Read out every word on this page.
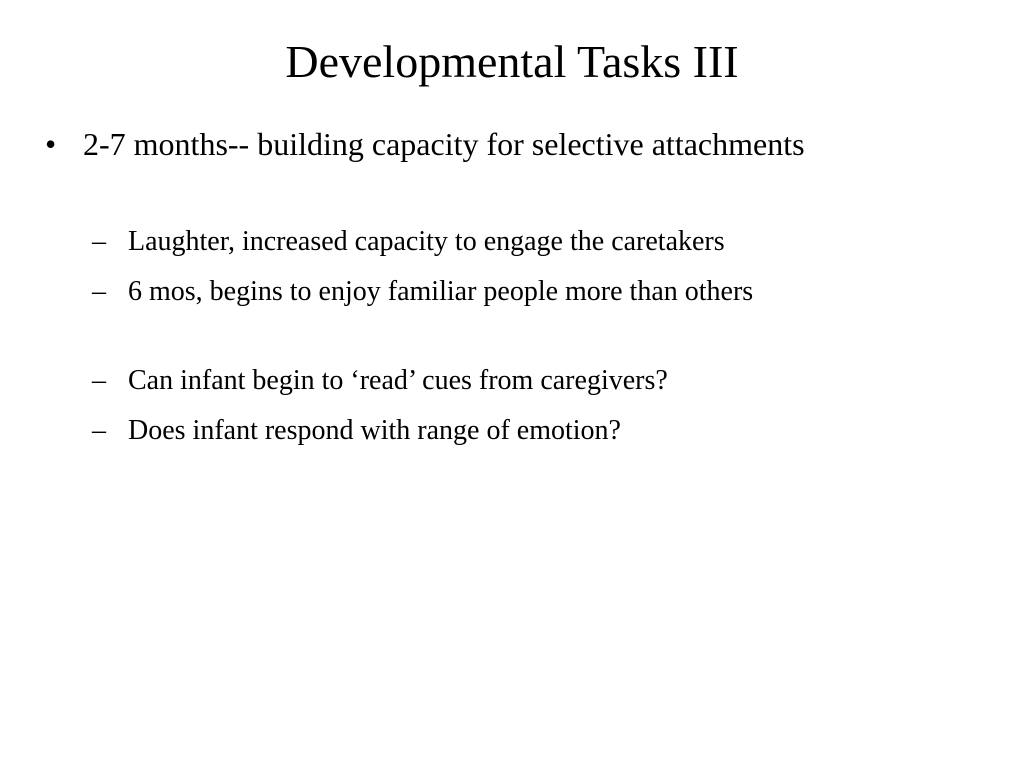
Developmental Tasks III
• 2-7 months-- building capacity for selective attachments
– Laughter, increased capacity to engage the caretakers
– 6 mos, begins to enjoy familiar people more than others
– Can infant begin to ‘read’ cues from caregivers?
– Does infant respond with range of emotion?
